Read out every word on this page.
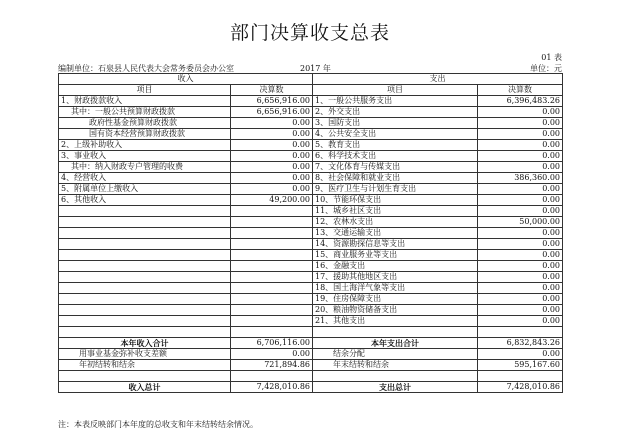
部门决算收支总表
01 表
编制单位：石泉县人民代表大会常务委员会办公室	2017 年	单位：元
收入		支出	
项目	决算数	项目	决算数
1、财政拨款收入	6,656,916.00	1、一般公共服务支出	6,396,483.26
其中：一般公共预算财政拨款	6,656,916.00	2、外交支出	0.00
政府性基金预算财政拨款	0.00	3、国防支出	0.00
国有资本经营预算财政拨款	0.00	4、公共安全支出	0.00
2、上级补助收入	0.00	5、教育支出	0.00
3、事业收入	0.00	6、科学技术支出	0.00
其中：纳入财政专户管理的收费	0.00	7、文化体育与传媒支出	0.00
4、经营收入	0.00	8、社会保障和就业支出	386,360.00
5、附属单位上缴收入	0.00	9、医疗卫生与计划生育支出	0.00
6、其他收入	49,200.00	10、节能环保支出	0.00
		11、城乡社区支出	0.00
		12、农林水支出	50,000.00
		13、交通运输支出	0.00
		14、资源勘探信息等支出	0.00
		15、商业服务业等支出	0.00
		16、金融支出	0.00
		17、援助其他地区支出	0.00
		18、国土海洋气象等支出	0.00
		19、住房保障支出	0.00
		20、粮油物资储备支出	0.00
		21、其他支出	0.00

本年收入合计	6,706,116.00	本年支出合计	6,832,843.26
用事业基金弥补收支差额	0.00	结余分配	0.00
年初结转和结余	721,894.86	年末结转和结余	595,167.60

收入总计	7,428,010.86	支出总计	7,428,010.86
注：本表反映部门本年度的总收支和年末结转结余情况。
